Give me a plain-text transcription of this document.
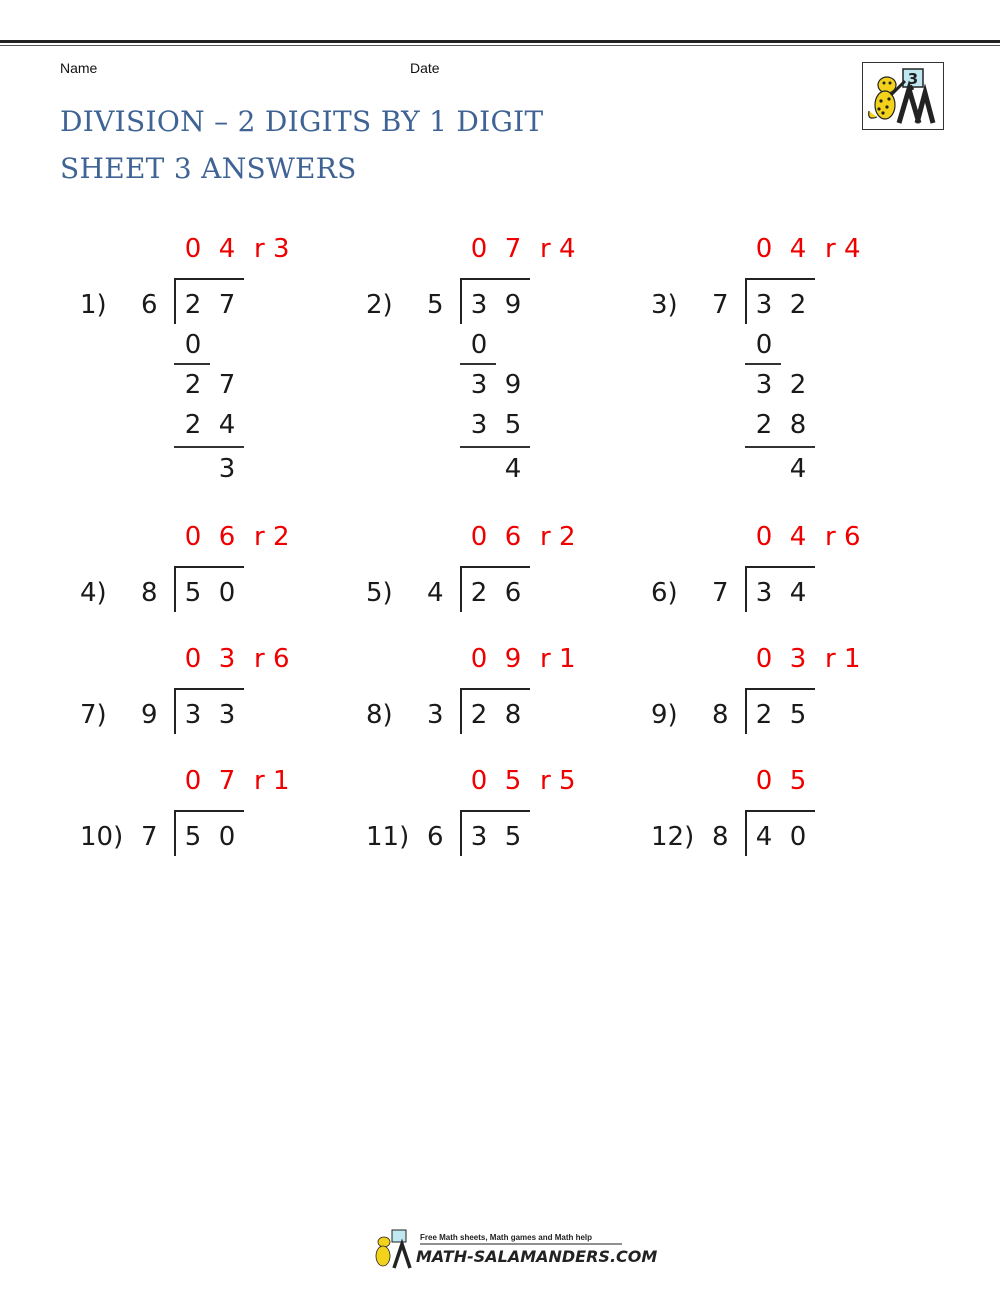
Name	Date
3
DIVISION – 2 DIGITS BY 1 DIGIT
SHEET 3 ANSWERS
1) 6 2 7
0 4 r 3
0
2 7
2 4
3
2) 5 3 9
0 7 r 4
0
3 9
3 5
4
3) 7 3 2
0 4 r 4
0
3 2
2 8
4
4) 8 5 0
0 6 r 2
5) 4 2 6
0 6 r 2
6) 7 3 4
0 4 r 6
7) 9 3 3
0 3 r 6
8) 3 2 8
0 9 r 1
9) 8 2 5
0 3 r 1
10) 7 5 0
0 7 r 1
11) 6 3 5
0 5 r 5
12) 8 4 0
0 5
Free Math sheets, Math games and Math help
MATH-SALAMANDERS.COM
